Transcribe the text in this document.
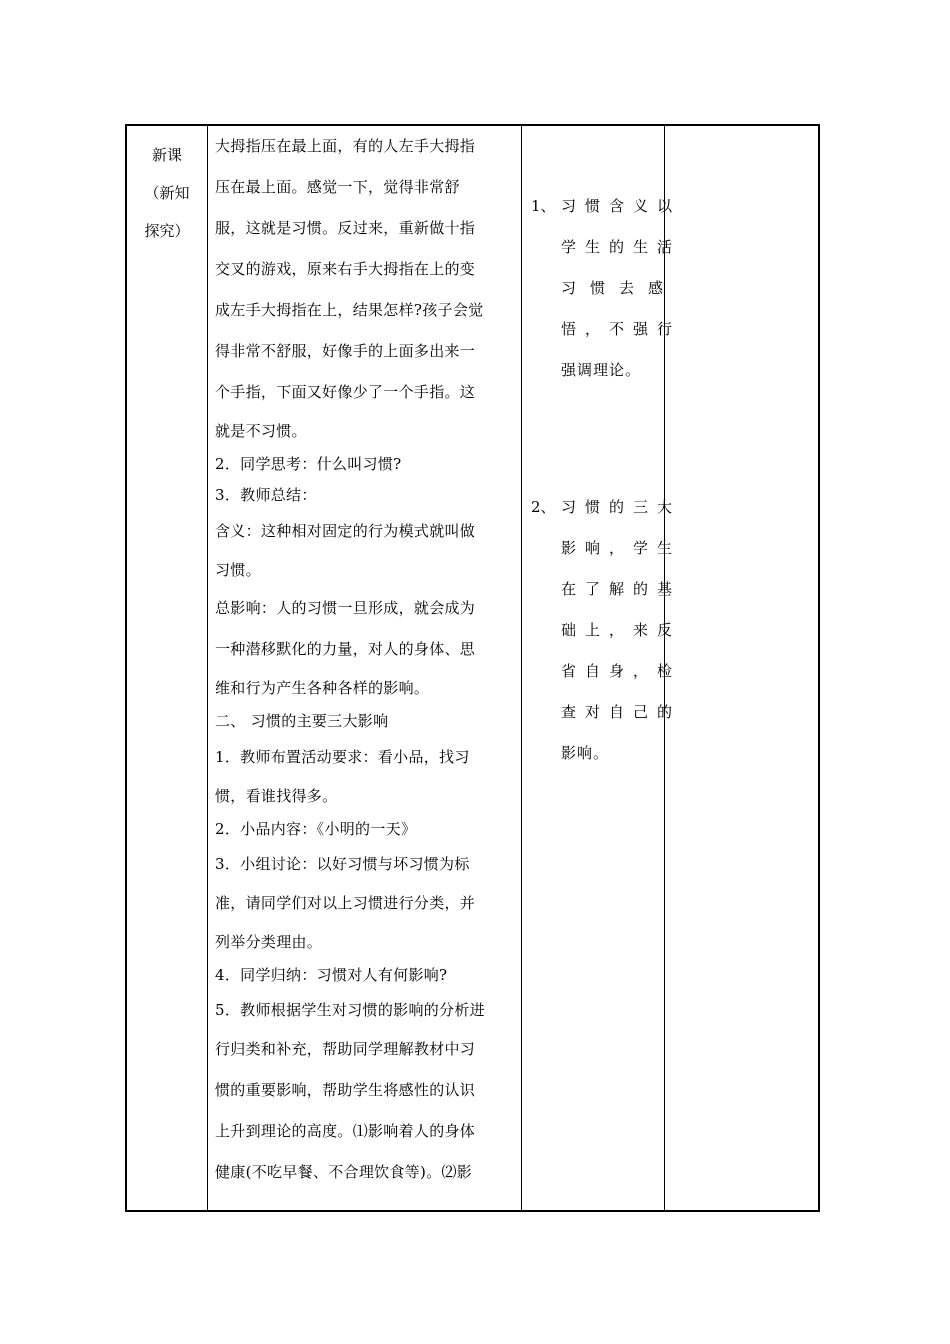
新课
（新知
探究）
大拇指压在最上面，有的人左手大拇指
压在最上面。感觉一下，觉得非常舒
服，这就是习惯。反过来，重新做十指
交叉的游戏，原来右手大拇指在上的变
成左手大拇指在上，结果怎样?孩子会觉
得非常不舒服，好像手的上面多出来一
个手指，下面又好像少了一个手指。这
就是不习惯。
2．同学思考：什么叫习惯?
3．教师总结：
含义：这种相对固定的行为模式就叫做
习惯。
总影响：人的习惯一旦形成，就会成为
一种潜移默化的力量，对人的身体、思
维和行为产生各种各样的影响。
二、 习惯的主要三大影响
1．教师布置活动要求：看小品，找习
惯，看谁找得多。
2．小品内容：《小明的一天》
3．小组讨论：以好习惯与坏习惯为标
准，请同学们对以上习惯进行分类，并
列举分类理由。
4．同学归纳：习惯对人有何影响?
5．教师根据学生对习惯的影响的分析进
行归类和补充，帮助同学理解教材中习
惯的重要影响，帮助学生将感性的认识
上升到理论的高度。⑴影响着人的身体
健康(不吃早餐、不合理饮食等)。⑵影
1、 习惯含义以
学生的生活
习惯去感
悟，不强行
强调理论。
2、 习惯的三大
影响，学生
在了解的基
础上，来反
省自身，检
查对自己的
影响。
